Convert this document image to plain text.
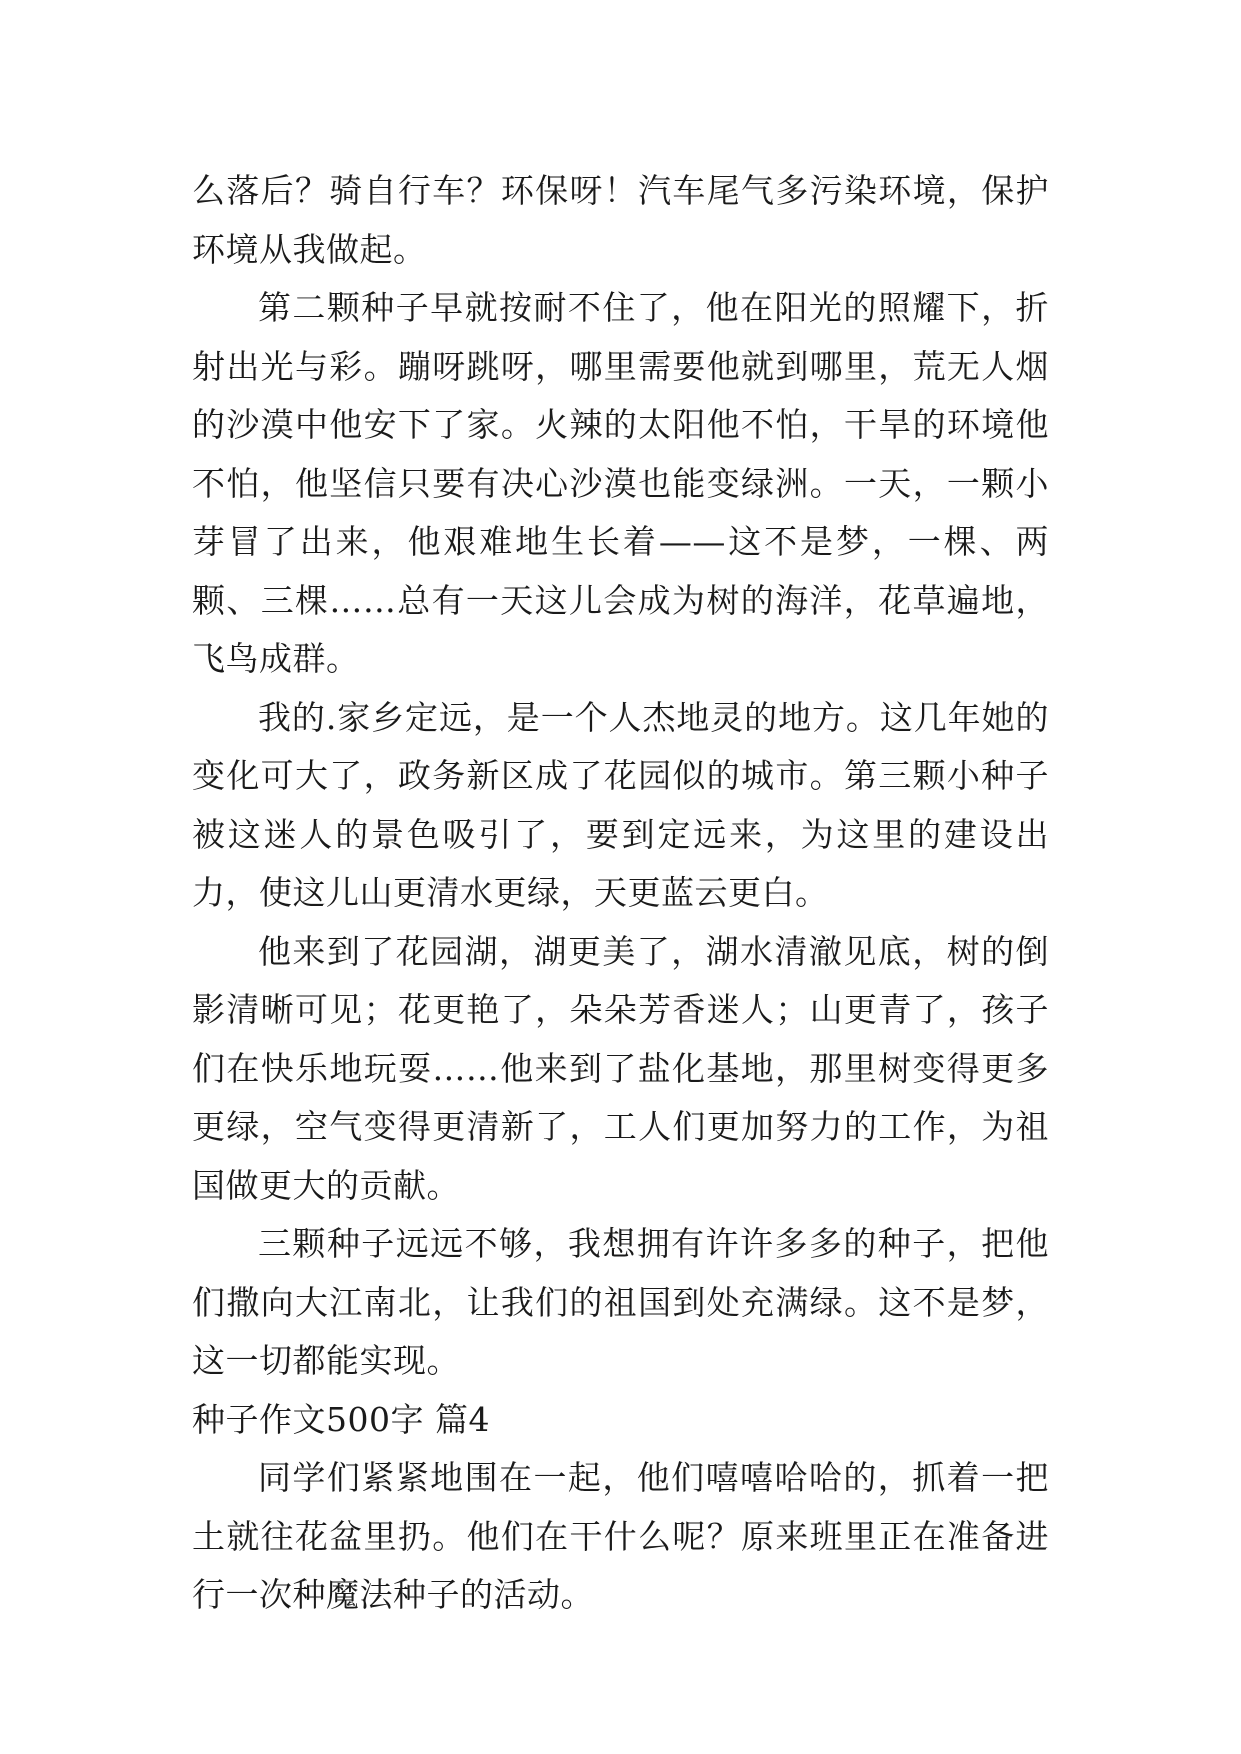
么落后？骑自行车？环保呀！汽车尾气多污染环境，保护环境从我做起。

第二颗种子早就按耐不住了，他在阳光的照耀下，折射出光与彩。蹦呀跳呀，哪里需要他就到哪里，荒无人烟的沙漠中他安下了家。火辣的太阳他不怕，干旱的环境他不怕，他坚信只要有决心沙漠也能变绿洲。一天，一颗小芽冒了出来，他艰难地生长着——这不是梦，一棵、两颗、三棵……总有一天这儿会成为树的海洋，花草遍地，飞鸟成群。

我的.家乡定远，是一个人杰地灵的地方。这几年她的变化可大了，政务新区成了花园似的城市。第三颗小种子被这迷人的景色吸引了，要到定远来，为这里的建设出力，使这儿山更清水更绿，天更蓝云更白。

他来到了花园湖，湖更美了，湖水清澈见底，树的倒影清晰可见；花更艳了，朵朵芳香迷人；山更青了，孩子们在快乐地玩耍……他来到了盐化基地，那里树变得更多更绿，空气变得更清新了，工人们更加努力的工作，为祖国做更大的贡献。

三颗种子远远不够，我想拥有许许多多的种子，把他们撒向大江南北，让我们的祖国到处充满绿。这不是梦，这一切都能实现。

种子作文500字 篇4

同学们紧紧地围在一起，他们嘻嘻哈哈的，抓着一把土就往花盆里扔。他们在干什么呢？原来班里正在准备进行一次种魔法种子的活动。
